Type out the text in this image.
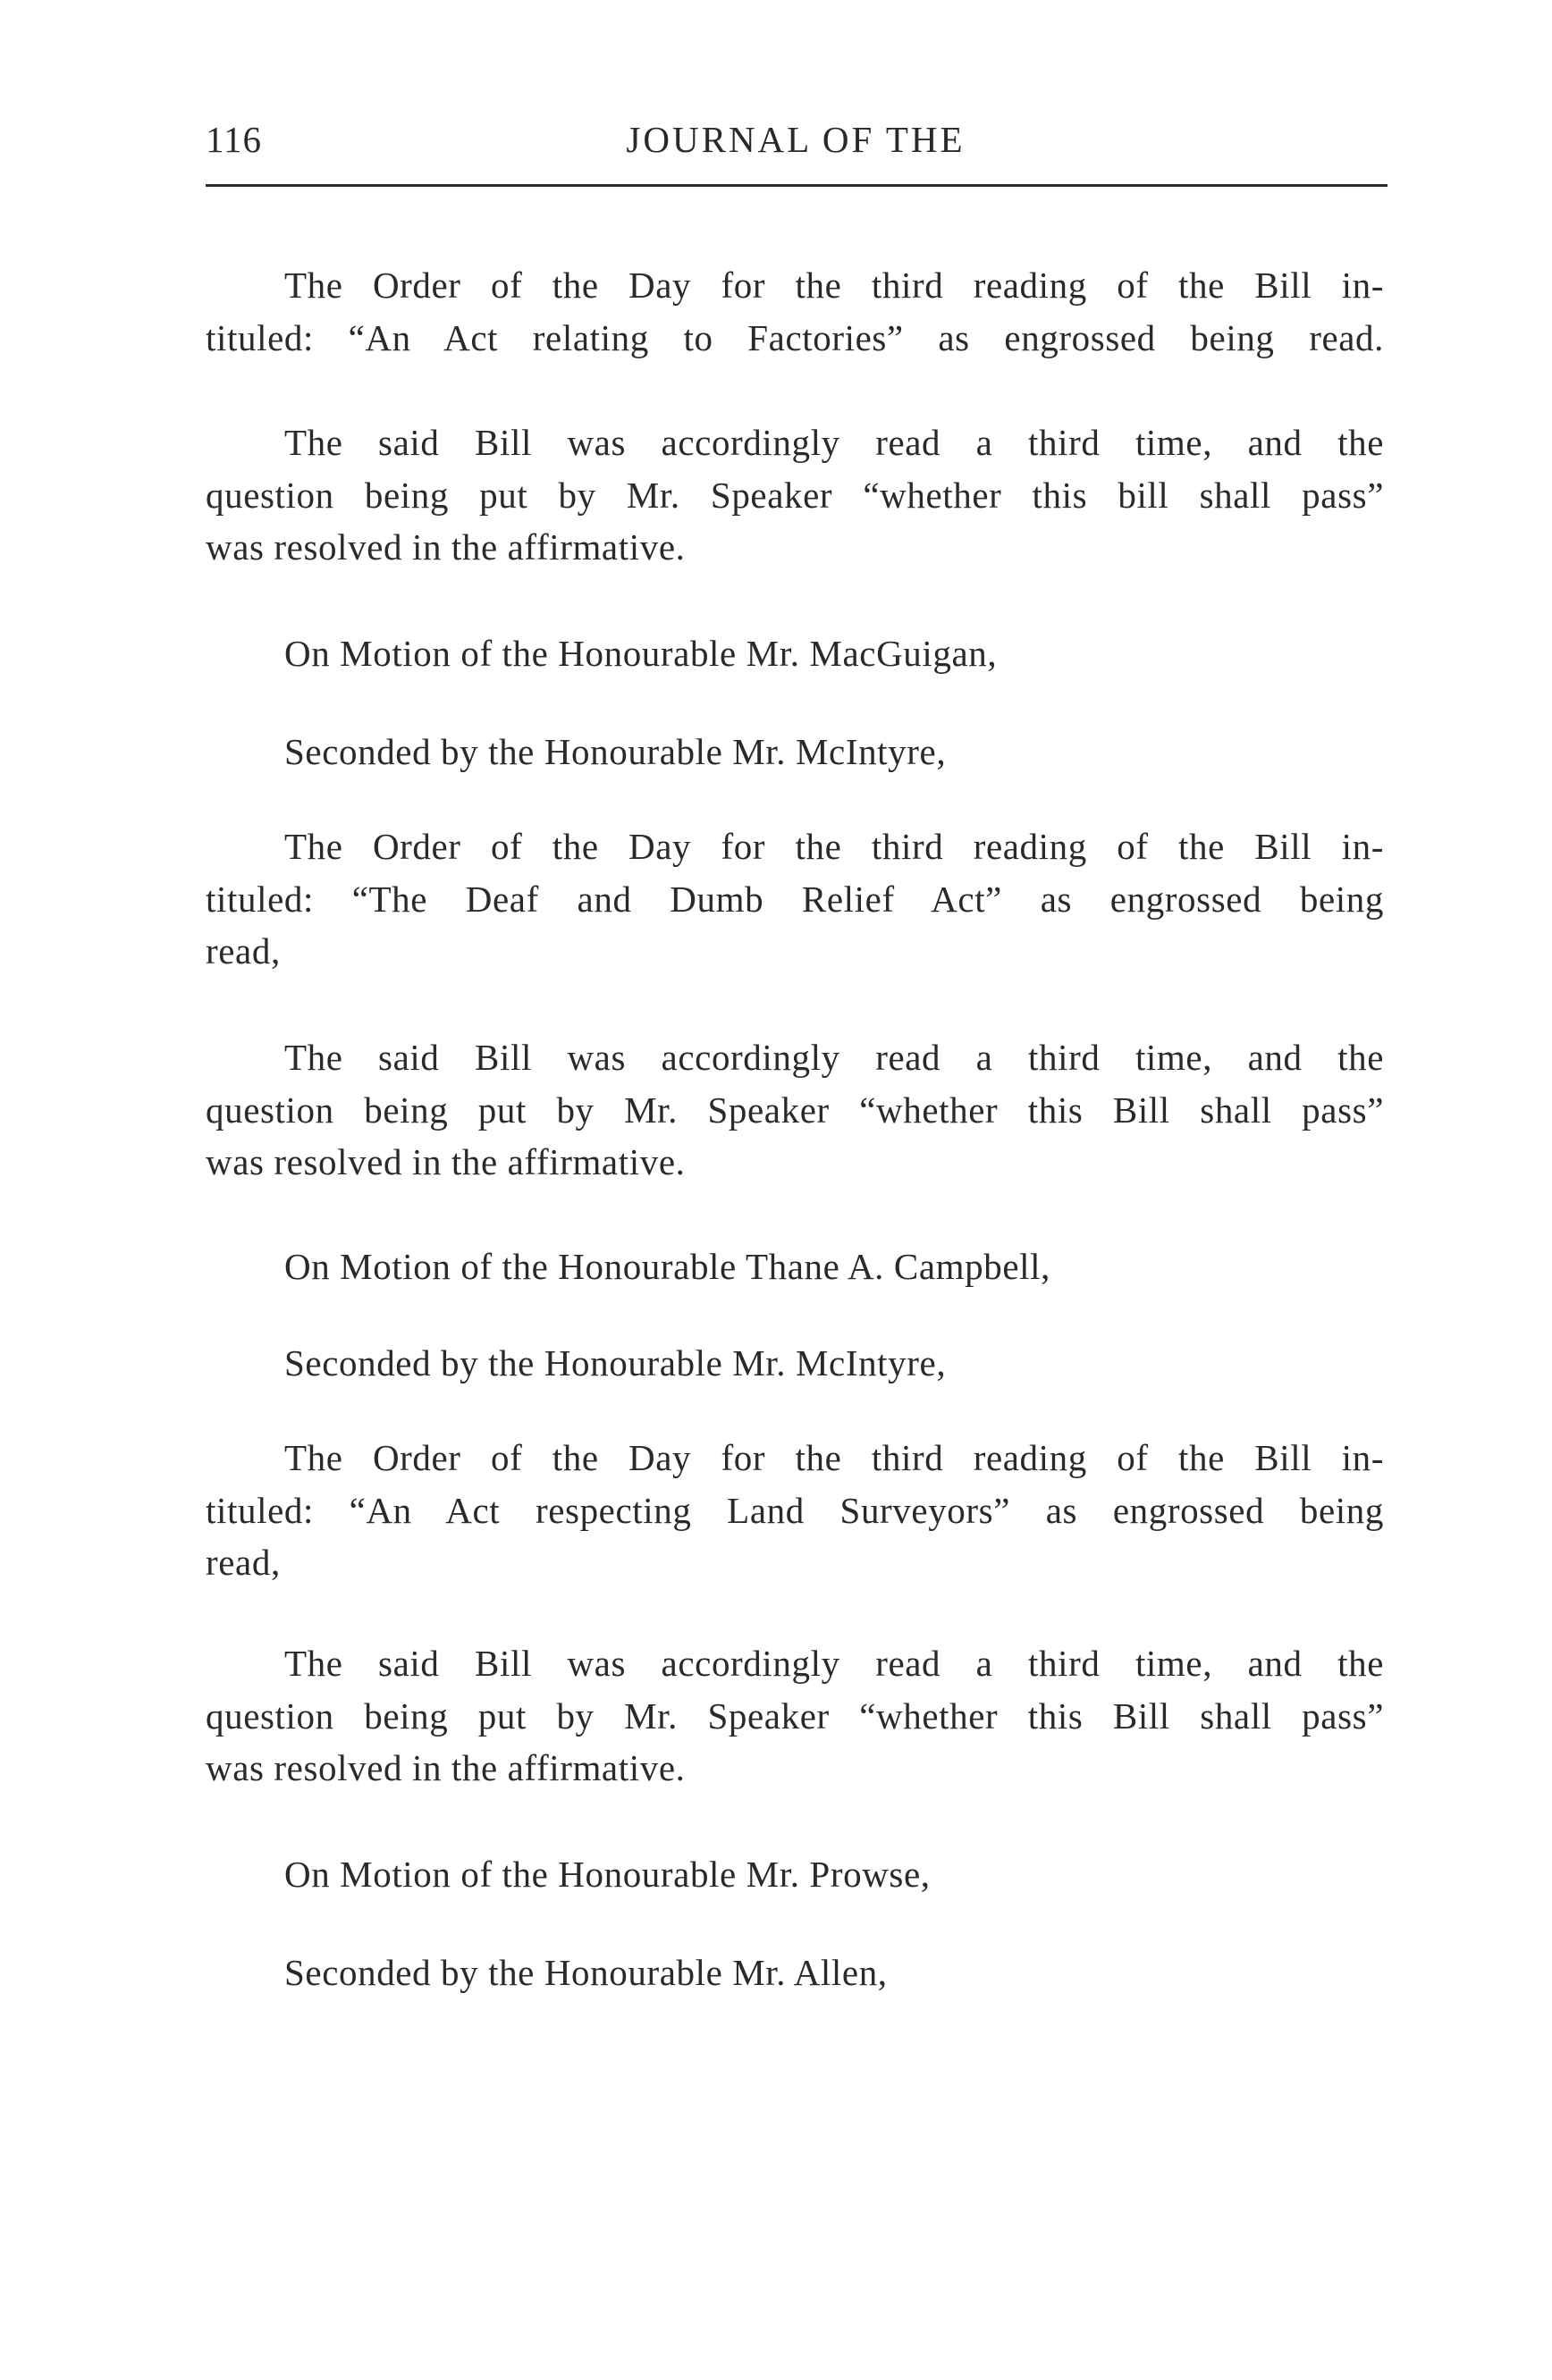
116	JOURNAL OF THE

The Order of the Day for the third reading of the Bill in-
tituled: “An Act relating to Factories” as engrossed being read.

The said Bill was accordingly read a third time, and the
question being put by Mr. Speaker “whether this bill shall pass”
was resolved in the affirmative.

On Motion of the Honourable Mr. MacGuigan,

Seconded by the Honourable Mr. McIntyre,

The Order of the Day for the third reading of the Bill in-
tituled: “The Deaf and Dumb Relief Act” as engrossed being
read,

The said Bill was accordingly read a third time, and the
question being put by Mr. Speaker “whether this Bill shall pass”
was resolved in the affirmative.

On Motion of the Honourable Thane A. Campbell,

Seconded by the Honourable Mr. McIntyre,

The Order of the Day for the third reading of the Bill in-
tituled: “An Act respecting Land Surveyors” as engrossed being
read,

The said Bill was accordingly read a third time, and the
question being put by Mr. Speaker “whether this Bill shall pass”
was resolved in the affirmative.

On Motion of the Honourable Mr. Prowse,

Seconded by the Honourable Mr. Allen,
